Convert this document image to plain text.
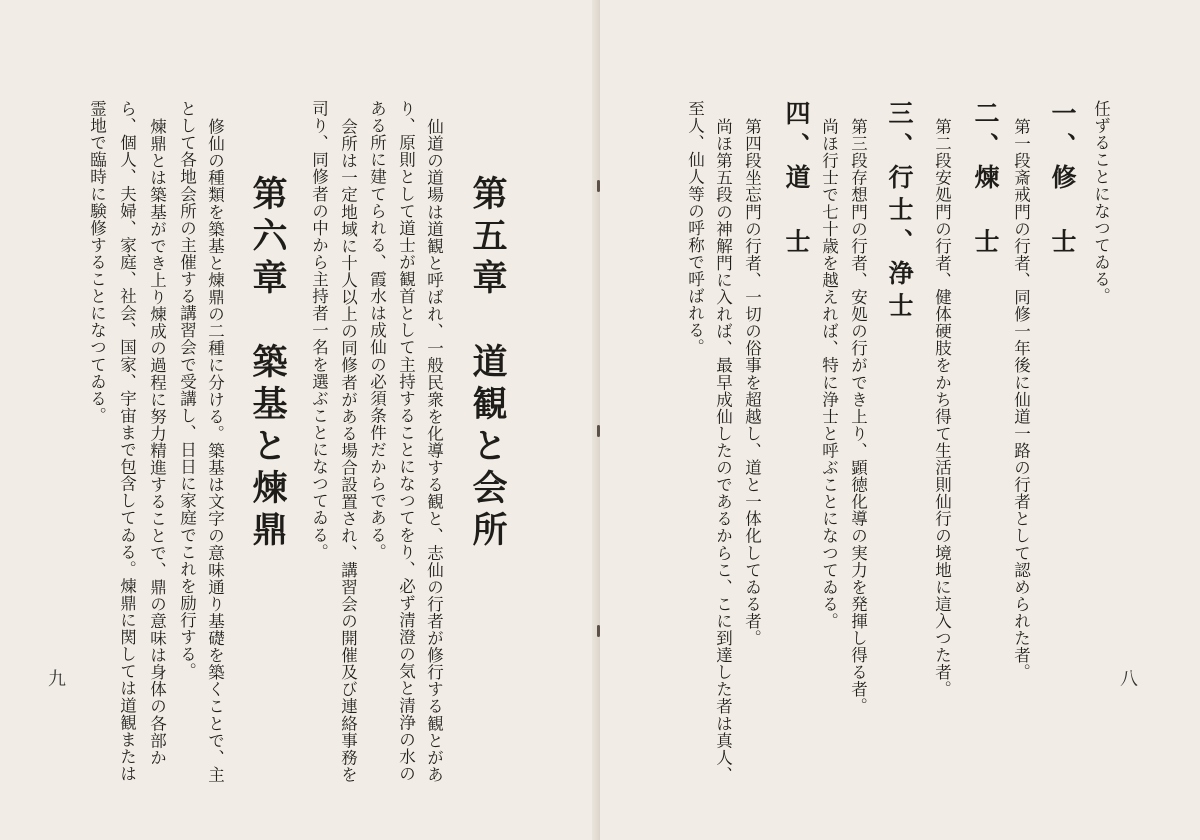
霊地で臨時に験修することになつてゐる。 ら、個人、夫婦、家庭、社会、国家、宇宙まで包含してゐる。煉鼎に関しては道観または 煉鼎とは築基ができ上り煉成の過程に努力精進することで、鼎の意味は身体の各部か として各地会所の主催する講習会で受講し、日日に家庭でこれを励行する。 修仙の種類を築基と煉鼎の二種に分ける。築基は文字の意味通り基礎を築くことで、主 第六章　築基と煉鼎 司り、同修者の中から主持者一名を選ぶことになつてゐる。 会所は一定地域に十人以上の同修者がある場合設置され、講習会の開催及び連絡事務を ある所に建てられる、霞水は成仙の必須条件だからである。 り、原則として道士が観首として主持することになつてをり、必ず清澄の気と清浄の水の 仙道の道場は道観と呼ばれ、一般民衆を化導する観と、志仙の行者が修行する観とがあ 第五章　道観と会所
九
至人、仙人等の呼称で呼ばれる。 尚ほ第五段の神解門に入れば、最早成仙したのであるからこ、こに到達した者は真人、 第四段坐忘門の行者、一切の俗事を超越し、道と一体化してゐる者。 四、道　士 尚ほ行士で七十歳を越えれば、特に浄士と呼ぶことになつてゐる。 第三段存想門の行者、安処の行ができ上り、顕徳化導の実力を発揮し得る者。 三、行士、浄士 第二段安処門の行者、健体硬肢をかち得て生活則仙行の境地に這入つた者。 二、煉　士 第一段斎戒門の行者、同修一年後に仙道一路の行者として認められた者。 一、修　士 任ずることになつてゐる。
八
